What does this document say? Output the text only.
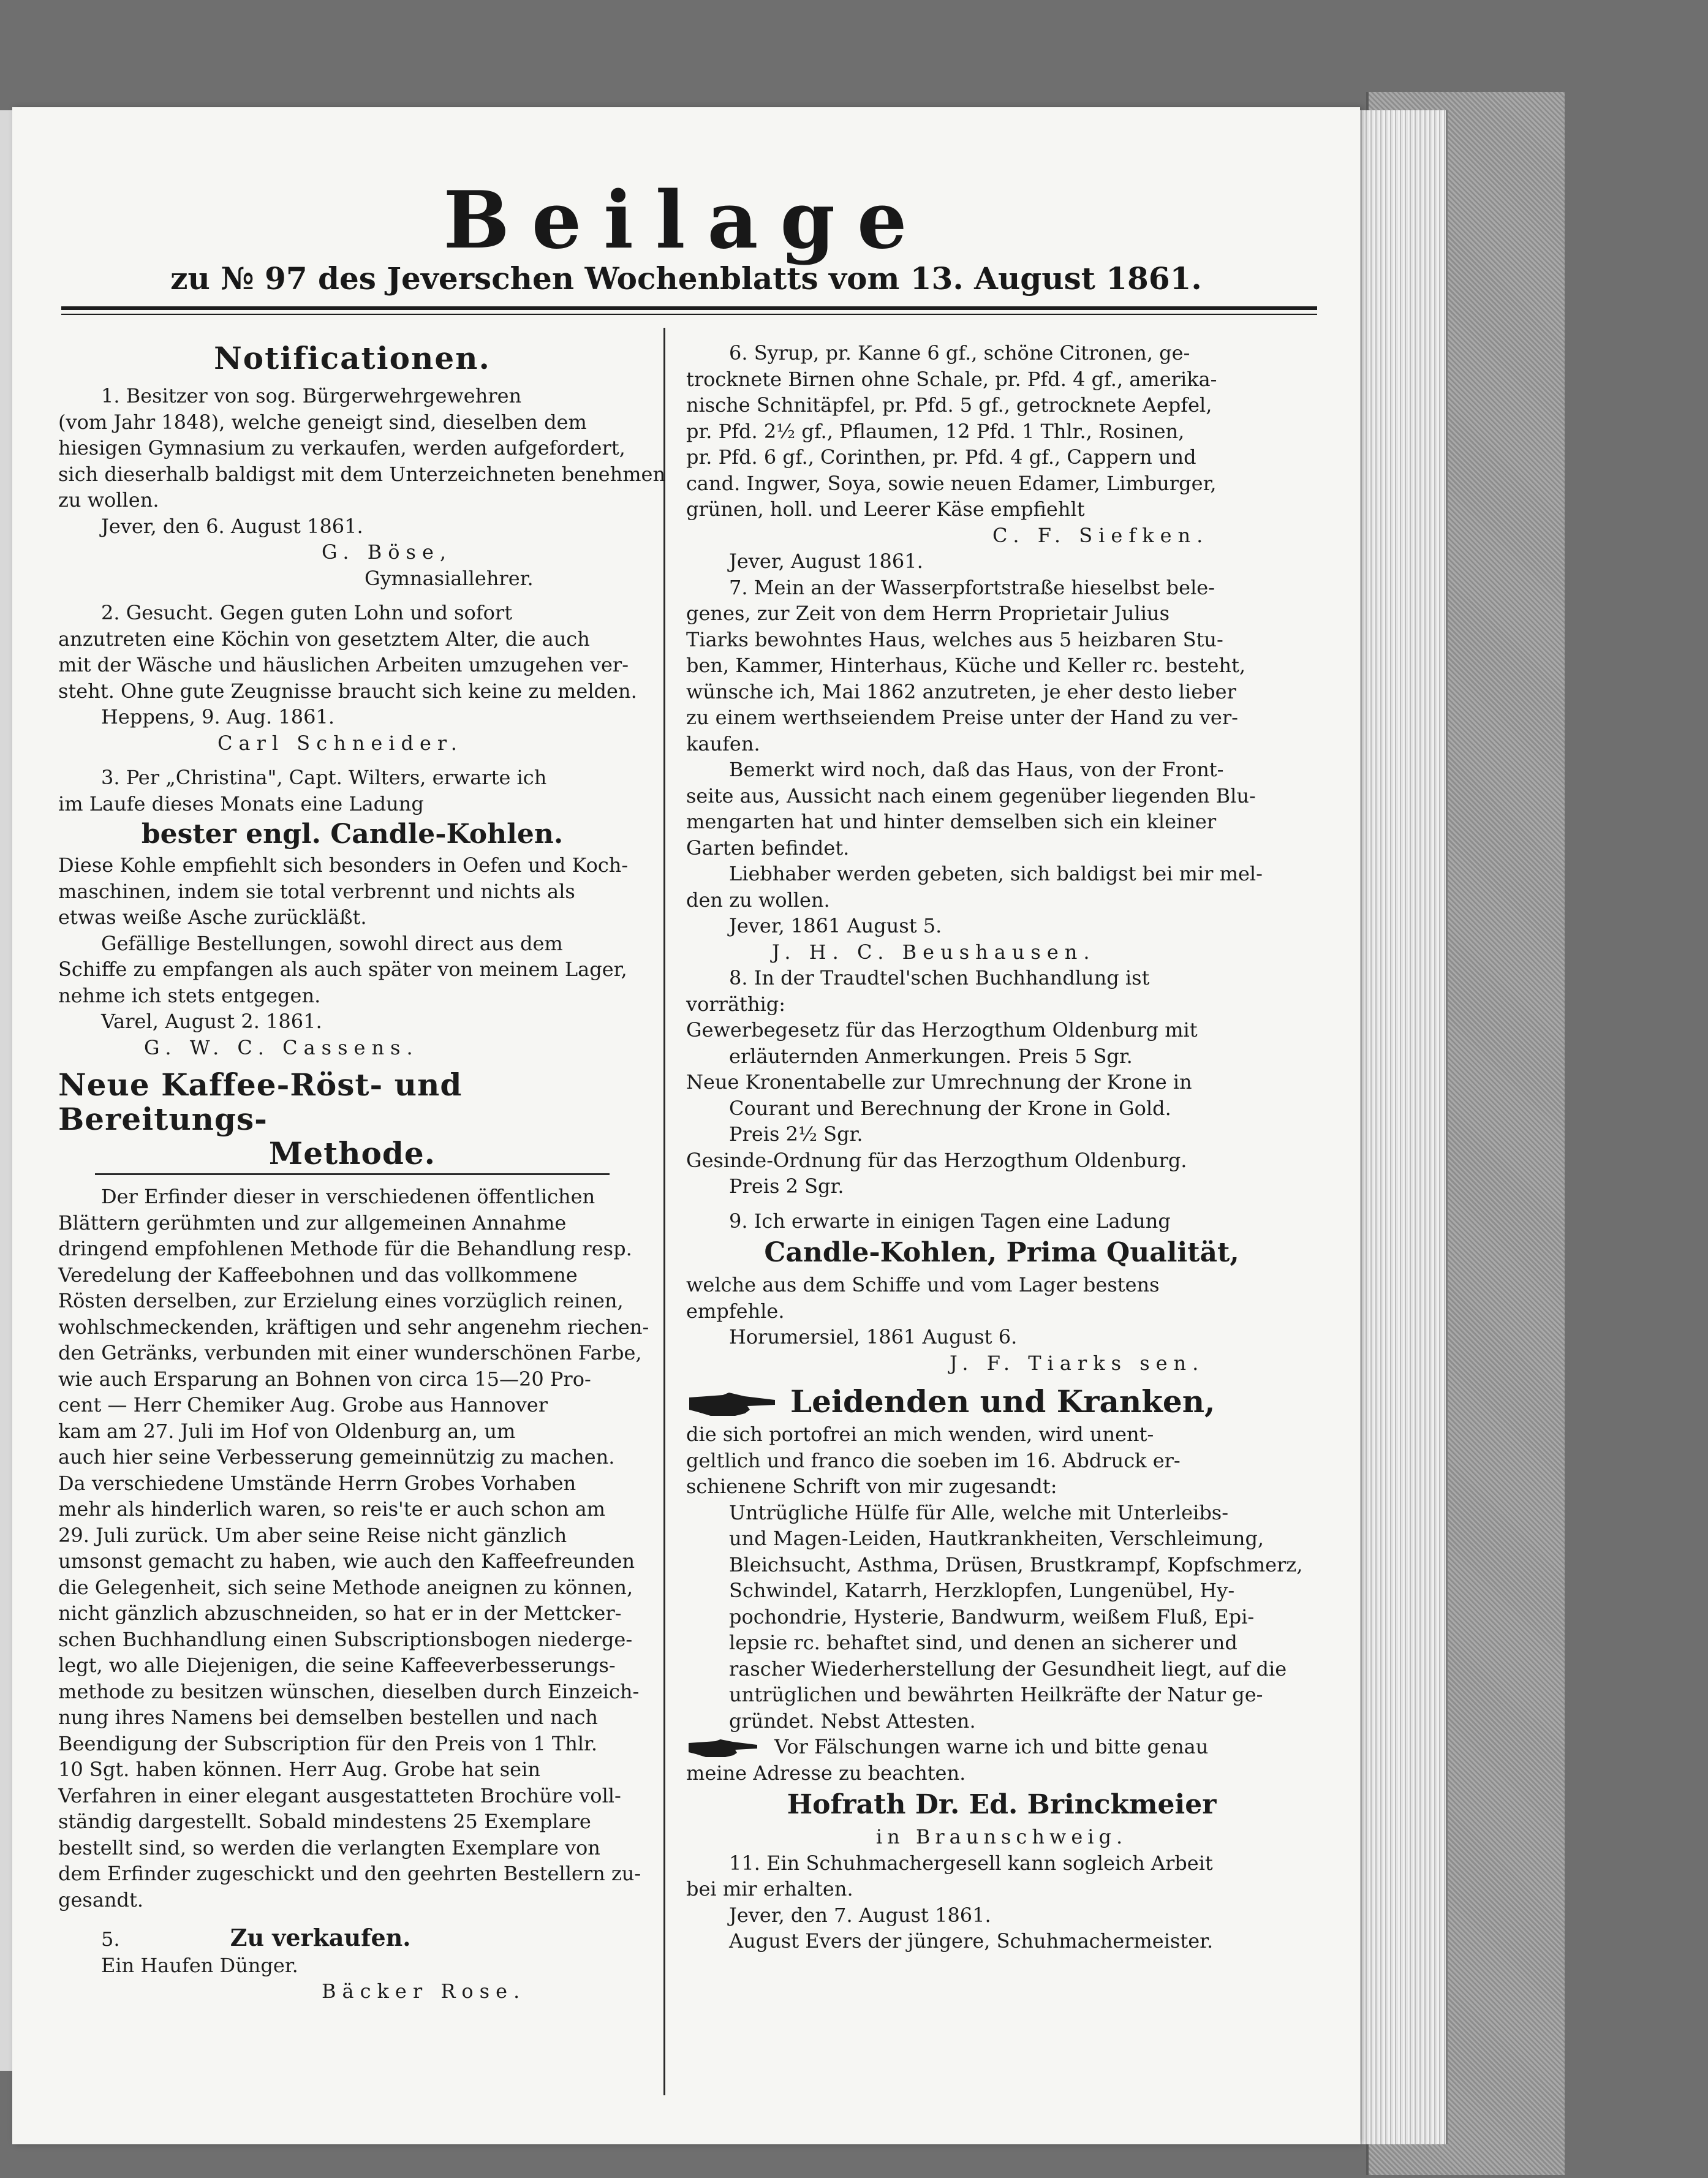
Beilage
zu № 97 des Jeverschen Wochenblatts vom 13. August 1861.
Notificationen.
1. Besitzer von sog. Bürgerwehrgewehren
(vom Jahr 1848), welche geneigt sind, dieselben dem
hiesigen Gymnasium zu verkaufen, werden aufgefordert,
sich dieserhalb baldigst mit dem Unterzeichneten benehmen
zu wollen.
Jever, den 6. August 1861.
G. Böse,
Gymnasiallehrer.
2. Gesucht. Gegen guten Lohn und sofort
anzutreten eine Köchin von gesetztem Alter, die auch
mit der Wäsche und häuslichen Arbeiten umzugehen ver-
steht. Ohne gute Zeugnisse braucht sich keine zu melden.
Heppens, 9. Aug. 1861.
Carl Schneider.
3. Per „Christina", Capt. Wilters, erwarte ich
im Laufe dieses Monats eine Ladung
bester engl. Candle-Kohlen.
Diese Kohle empfiehlt sich besonders in Oefen und Koch-
maschinen, indem sie total verbrennt und nichts als
etwas weiße Asche zurückläßt.
Gefällige Bestellungen, sowohl direct aus dem
Schiffe zu empfangen als auch später von meinem Lager,
nehme ich stets entgegen.
Varel, August 2. 1861.
G. W. C. Cassens.
Neue Kaffee-Röst- und Bereitungs-
Methode.
Der Erfinder dieser in verschiedenen öffentlichen
Blättern gerühmten und zur allgemeinen Annahme
dringend empfohlenen Methode für die Behandlung resp.
Veredelung der Kaffeebohnen und das vollkommene
Rösten derselben, zur Erzielung eines vorzüglich reinen,
wohlschmeckenden, kräftigen und sehr angenehm riechen-
den Getränks, verbunden mit einer wunderschönen Farbe,
wie auch Ersparung an Bohnen von circa 15—20 Pro-
cent — Herr Chemiker Aug. Grobe aus Hannover
kam am 27. Juli im Hof von Oldenburg an, um
auch hier seine Verbesserung gemeinnützig zu machen.
Da verschiedene Umstände Herrn Grobes Vorhaben
mehr als hinderlich waren, so reis'te er auch schon am
29. Juli zurück. Um aber seine Reise nicht gänzlich
umsonst gemacht zu haben, wie auch den Kaffeefreunden
die Gelegenheit, sich seine Methode aneignen zu können,
nicht gänzlich abzuschneiden, so hat er in der Mettcker-
schen Buchhandlung einen Subscriptionsbogen niederge-
legt, wo alle Diejenigen, die seine Kaffeeverbesserungs-
methode zu besitzen wünschen, dieselben durch Einzeich-
nung ihres Namens bei demselben bestellen und nach
Beendigung der Subscription für den Preis von 1 Thlr.
10 Sgt. haben können. Herr Aug. Grobe hat sein
Verfahren in einer elegant ausgestatteten Brochüre voll-
ständig dargestellt. Sobald mindestens 25 Exemplare
bestellt sind, so werden die verlangten Exemplare von
dem Erfinder zugeschickt und den geehrten Bestellern zu-
gesandt.
5.	Zu verkaufen.
Ein Haufen Dünger.
Bäcker Rose.
6. Syrup, pr. Kanne 6 gf., schöne Citronen, ge-
trocknete Birnen ohne Schale, pr. Pfd. 4 gf., amerika-
nische Schnitäpfel, pr. Pfd. 5 gf., getrocknete Aepfel,
pr. Pfd. 2½ gf., Pflaumen, 12 Pfd. 1 Thlr., Rosinen,
pr. Pfd. 6 gf., Corinthen, pr. Pfd. 4 gf., Cappern und
cand. Ingwer, Soya, sowie neuen Edamer, Limburger,
grünen, holl. und Leerer Käse empfiehlt
C. F. Siefken.
Jever, August 1861.
7. Mein an der Wasserpfortstraße hieselbst bele-
genes, zur Zeit von dem Herrn Proprietair Julius
Tiarks bewohntes Haus, welches aus 5 heizbaren Stu-
ben, Kammer, Hinterhaus, Küche und Keller rc. besteht,
wünsche ich, Mai 1862 anzutreten, je eher desto lieber
zu einem werthseiendem Preise unter der Hand zu ver-
kaufen.
Bemerkt wird noch, daß das Haus, von der Front-
seite aus, Aussicht nach einem gegenüber liegenden Blu-
mengarten hat und hinter demselben sich ein kleiner
Garten befindet.
Liebhaber werden gebeten, sich baldigst bei mir mel-
den zu wollen.
Jever, 1861 August 5.
J. H. C. Beushausen.
8. In der Traudtel'schen Buchhandlung ist
vorräthig:
Gewerbegesetz für das Herzogthum Oldenburg mit
erläuternden Anmerkungen. Preis 5 Sgr.
Neue Kronentabelle zur Umrechnung der Krone in
Courant und Berechnung der Krone in Gold.
Preis 2½ Sgr.
Gesinde-Ordnung für das Herzogthum Oldenburg.
Preis 2 Sgr.
9. Ich erwarte in einigen Tagen eine Ladung
Candle-Kohlen, Prima Qualität,
welche aus dem Schiffe und vom Lager bestens
empfehle.
Horumersiel, 1861 August 6.
J. F. Tiarks sen.
Leidenden und Kranken,
die sich portofrei an mich wenden, wird unent-
geltlich und franco die soeben im 16. Abdruck er-
schienene Schrift von mir zugesandt:
Untrügliche Hülfe für Alle, welche mit Unterleibs-
und Magen-Leiden, Hautkrankheiten, Verschleimung,
Bleichsucht, Asthma, Drüsen, Brustkrampf, Kopfschmerz,
Schwindel, Katarrh, Herzklopfen, Lungenübel, Hy-
pochondrie, Hysterie, Bandwurm, weißem Fluß, Epi-
lepsie rc. behaftet sind, und denen an sicherer und
rascher Wiederherstellung der Gesundheit liegt, auf die
untrüglichen und bewährten Heilkräfte der Natur ge-
gründet. Nebst Attesten.
Vor Fälschungen warne ich und bitte genau
meine Adresse zu beachten.
Hofrath Dr. Ed. Brinckmeier
in Braunschweig.
11. Ein Schuhmachergesell kann sogleich Arbeit
bei mir erhalten.
Jever, den 7. August 1861.
August Evers der jüngere, Schuhmachermeister.
